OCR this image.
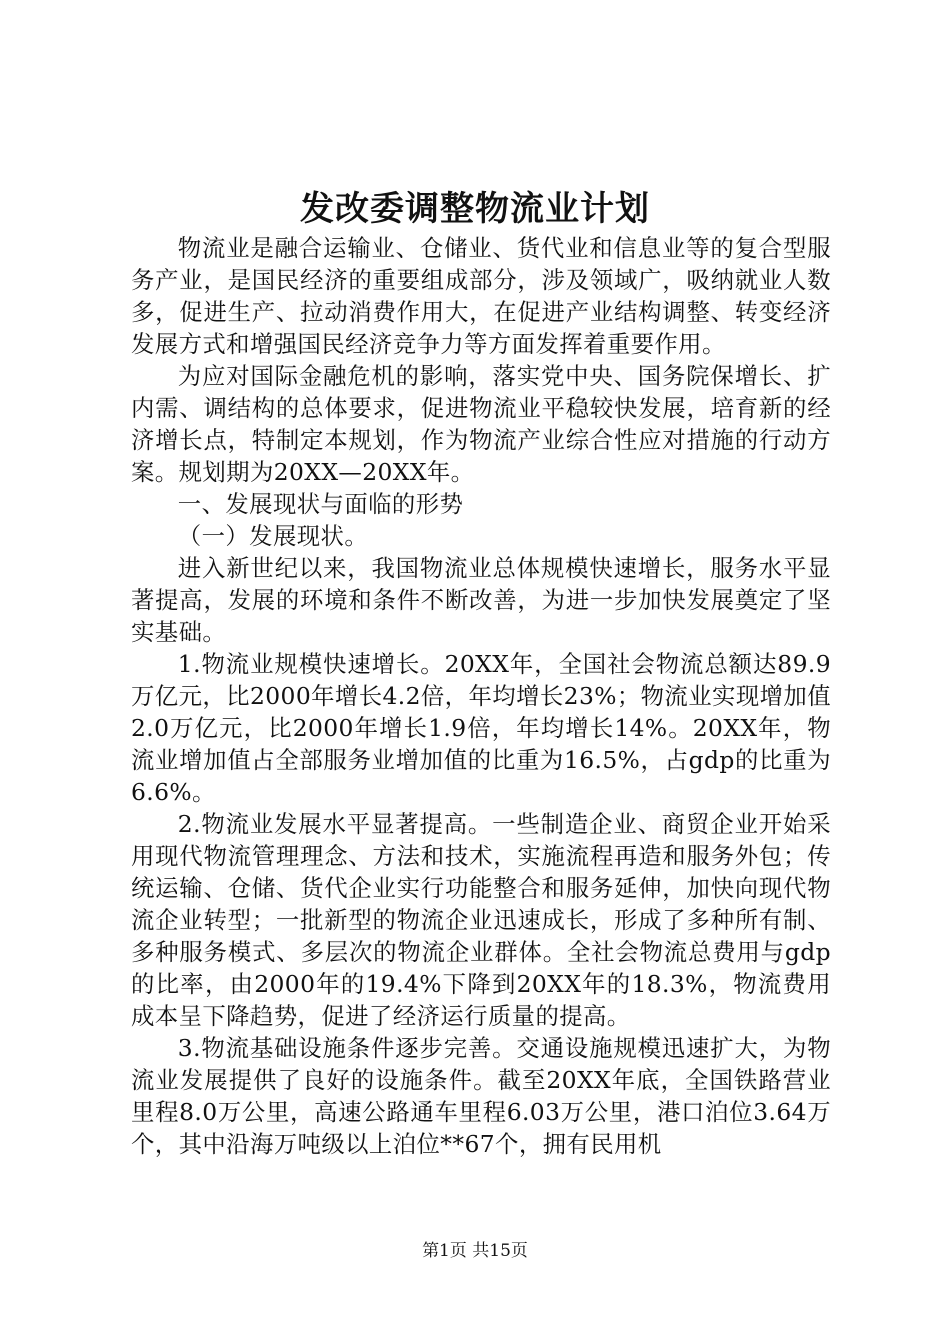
发改委调整物流业计划

物流业是融合运输业、仓储业、货代业和信息业等的复合型服务产业，是国民经济的重要组成部分，涉及领域广，吸纳就业人数多，促进生产、拉动消费作用大，在促进产业结构调整、转变经济发展方式和增强国民经济竞争力等方面发挥着重要作用。

为应对国际金融危机的影响，落实党中央、国务院保增长、扩内需、调结构的总体要求，促进物流业平稳较快发展，培育新的经济增长点，特制定本规划，作为物流产业综合性应对措施的行动方案。规划期为20XX—20XX年。

一、发展现状与面临的形势

（一）发展现状。

进入新世纪以来，我国物流业总体规模快速增长，服务水平显著提高，发展的环境和条件不断改善，为进一步加快发展奠定了坚实基础。

1.物流业规模快速增长。20XX年，全国社会物流总额达89.9万亿元，比2000年增长4.2倍，年均增长23%；物流业实现增加值2.0万亿元，比2000年增长1.9倍，年均增长14%。20XX年，物流业增加值占全部服务业增加值的比重为16.5%，占gdp的比重为6.6%。

2.物流业发展水平显著提高。一些制造企业、商贸企业开始采用现代物流管理理念、方法和技术，实施流程再造和服务外包；传统运输、仓储、货代企业实行功能整合和服务延伸，加快向现代物流企业转型；一批新型的物流企业迅速成长，形成了多种所有制、多种服务模式、多层次的物流企业群体。全社会物流总费用与gdp的比率，由2000年的19.4%下降到20XX年的18.3%，物流费用成本呈下降趋势，促进了经济运行质量的提高。

3.物流基础设施条件逐步完善。交通设施规模迅速扩大，为物流业发展提供了良好的设施条件。截至20XX年底，全国铁路营业里程8.0万公里，高速公路通车里程6.03万公里，港口泊位3.64万个，其中沿海万吨级以上泊位**67个，拥有民用机

第1页 共15页
